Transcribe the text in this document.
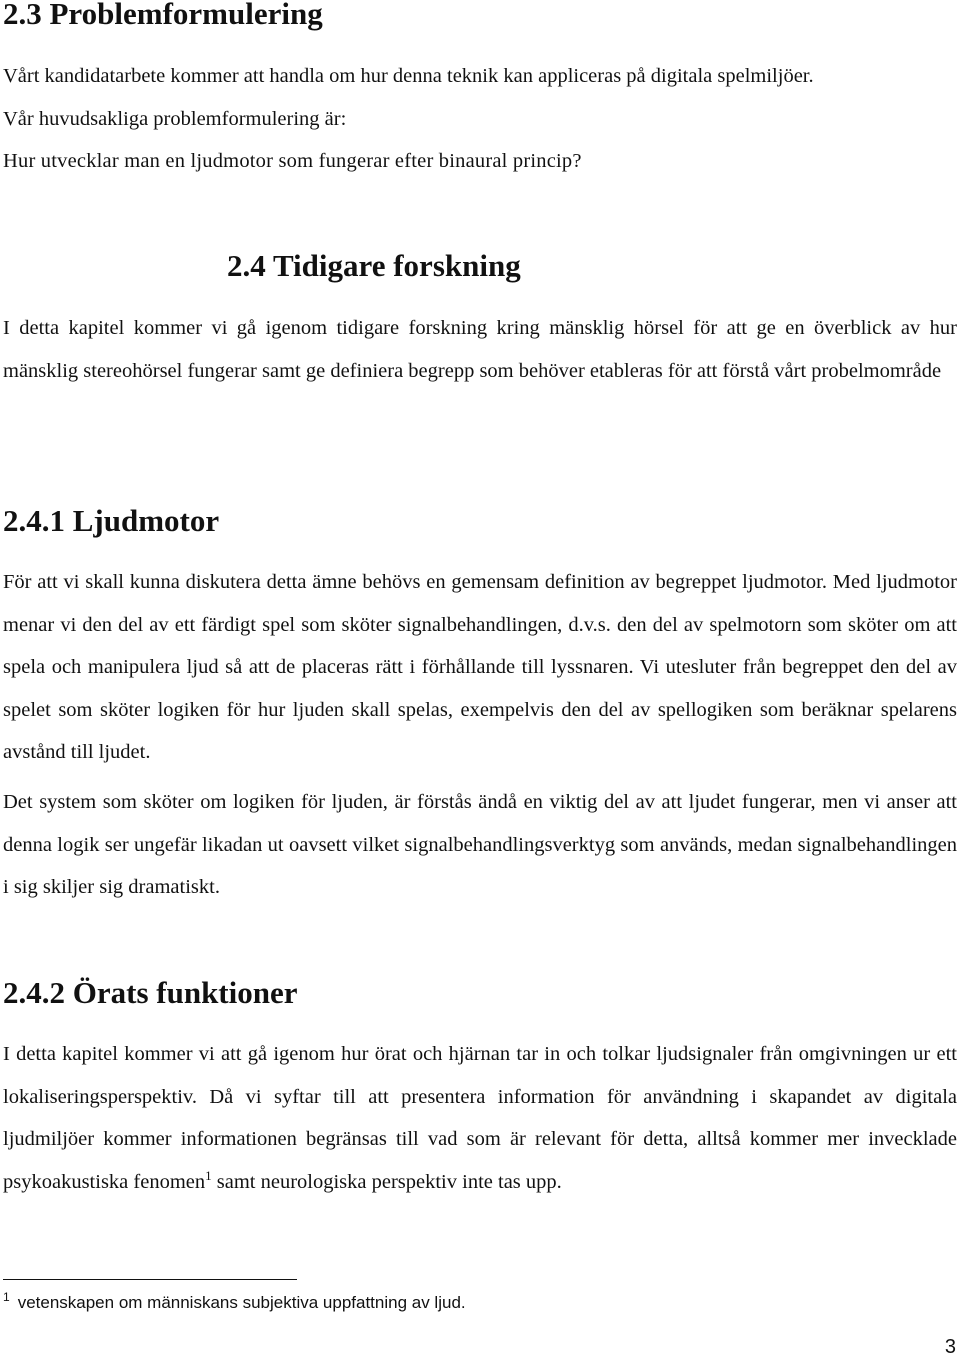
2.3 Problemformulering
Vårt kandidatarbete kommer att handla om hur denna teknik kan appliceras på digitala spelmiljöer.
Vår huvudsakliga problemformulering är:
Hur utvecklar man en ljudmotor som fungerar efter binaural princip?
2.4 Tidigare forskning

I detta kapitel kommer vi gå igenom tidigare forskning kring mänsklig hörsel för att ge en överblick av hur mänsklig stereohörsel fungerar samt ge definiera begrepp som behöver etableras för att förstå vårt probelmområde

2.4.1 Ljudmotor

För att vi skall kunna diskutera detta ämne behövs en gemensam definition av begreppet ljudmotor. Med ljudmotor menar vi den del av ett färdigt spel som sköter signalbehandlingen, d.v.s. den del av spelmotorn som sköter om att spela och manipulera ljud så att de placeras rätt i förhållande till lyssnaren. Vi utesluter från begreppet den del av spelet som sköter logiken för hur ljuden skall spelas, exempelvis den del av spellogiken som beräknar spelarens avstånd till ljudet.

Det system som sköter om logiken för ljuden, är förstås ändå en viktig del av att ljudet fungerar, men vi anser att denna logik ser ungefär likadan ut oavsett vilket signalbehandlingsverktyg som används, medan signalbehandlingen i sig skiljer sig dramatiskt.

2.4.2 Örats funktioner

I detta kapitel kommer vi att gå igenom hur örat och hjärnan tar in och tolkar ljudsignaler från omgivningen ur ett lokaliseringsperspektiv. Då vi syftar till att presentera information för användning i skapandet av digitala ljudmiljöer kommer informationen begränsas till vad som är relevant för detta, alltså kommer mer invecklade psykoakustiska fenomen$^1$ samt neurologiska perspektiv inte tas upp.

$^1$ vetenskapen om människans subjektiva uppfattning av ljud.

3
